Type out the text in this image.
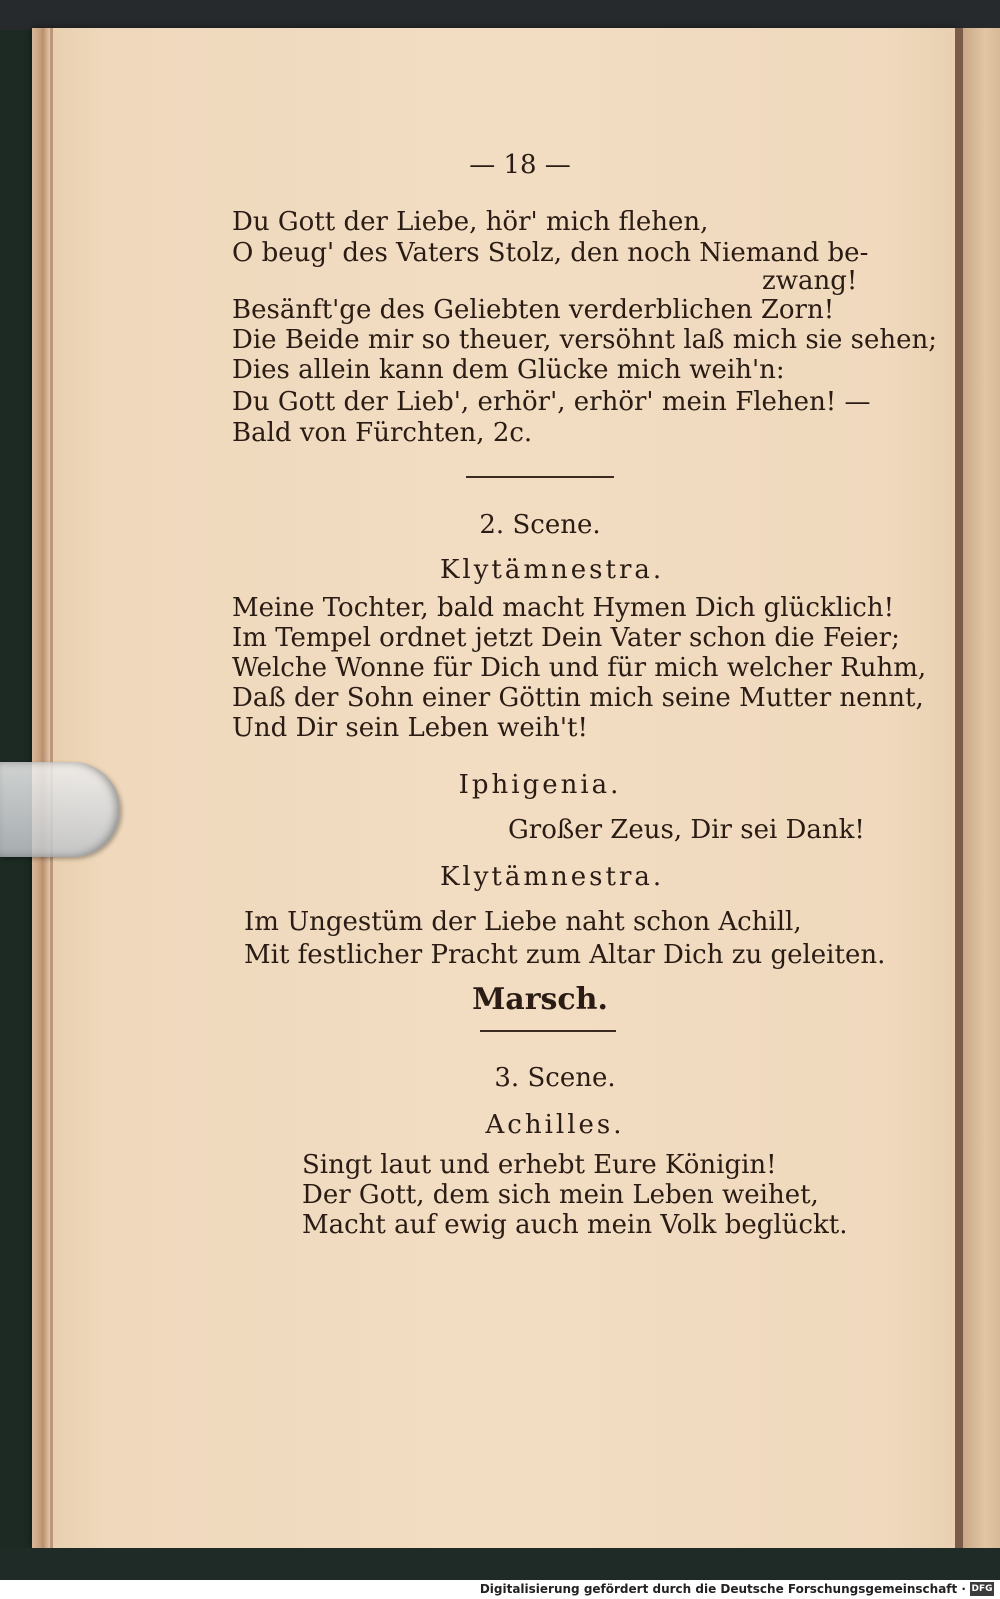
— 18 —
Du Gott der Liebe, hör' mich flehen,
O beug' des Vaters Stolz, den noch Niemand be-
zwang!
Besänft'ge des Geliebten verderblichen Zorn!
Die Beide mir so theuer, versöhnt laß mich sie sehen;
Dies allein kann dem Glücke mich weih'n:
Du Gott der Lieb', erhör', erhör' mein Flehen! —
Bald von Fürchten, 2c.
2. Scene.
Klytämnestra.
Meine Tochter, bald macht Hymen Dich glücklich!
Im Tempel ordnet jetzt Dein Vater schon die Feier;
Welche Wonne für Dich und für mich welcher Ruhm,
Daß der Sohn einer Göttin mich seine Mutter nennt,
Und Dir sein Leben weih't!
Iphigenia.
Großer Zeus, Dir sei Dank!
Klytämnestra.
Im Ungestüm der Liebe naht schon Achill,
Mit festlicher Pracht zum Altar Dich zu geleiten.
Marsch.
3. Scene.
Achilles.
Singt laut und erhebt Eure Königin!
Der Gott, dem sich mein Leben weihet,
Macht auf ewig auch mein Volk beglückt.
Digitalisierung gefördert durch die Deutsche Forschungsgemeinschaft · DFG
